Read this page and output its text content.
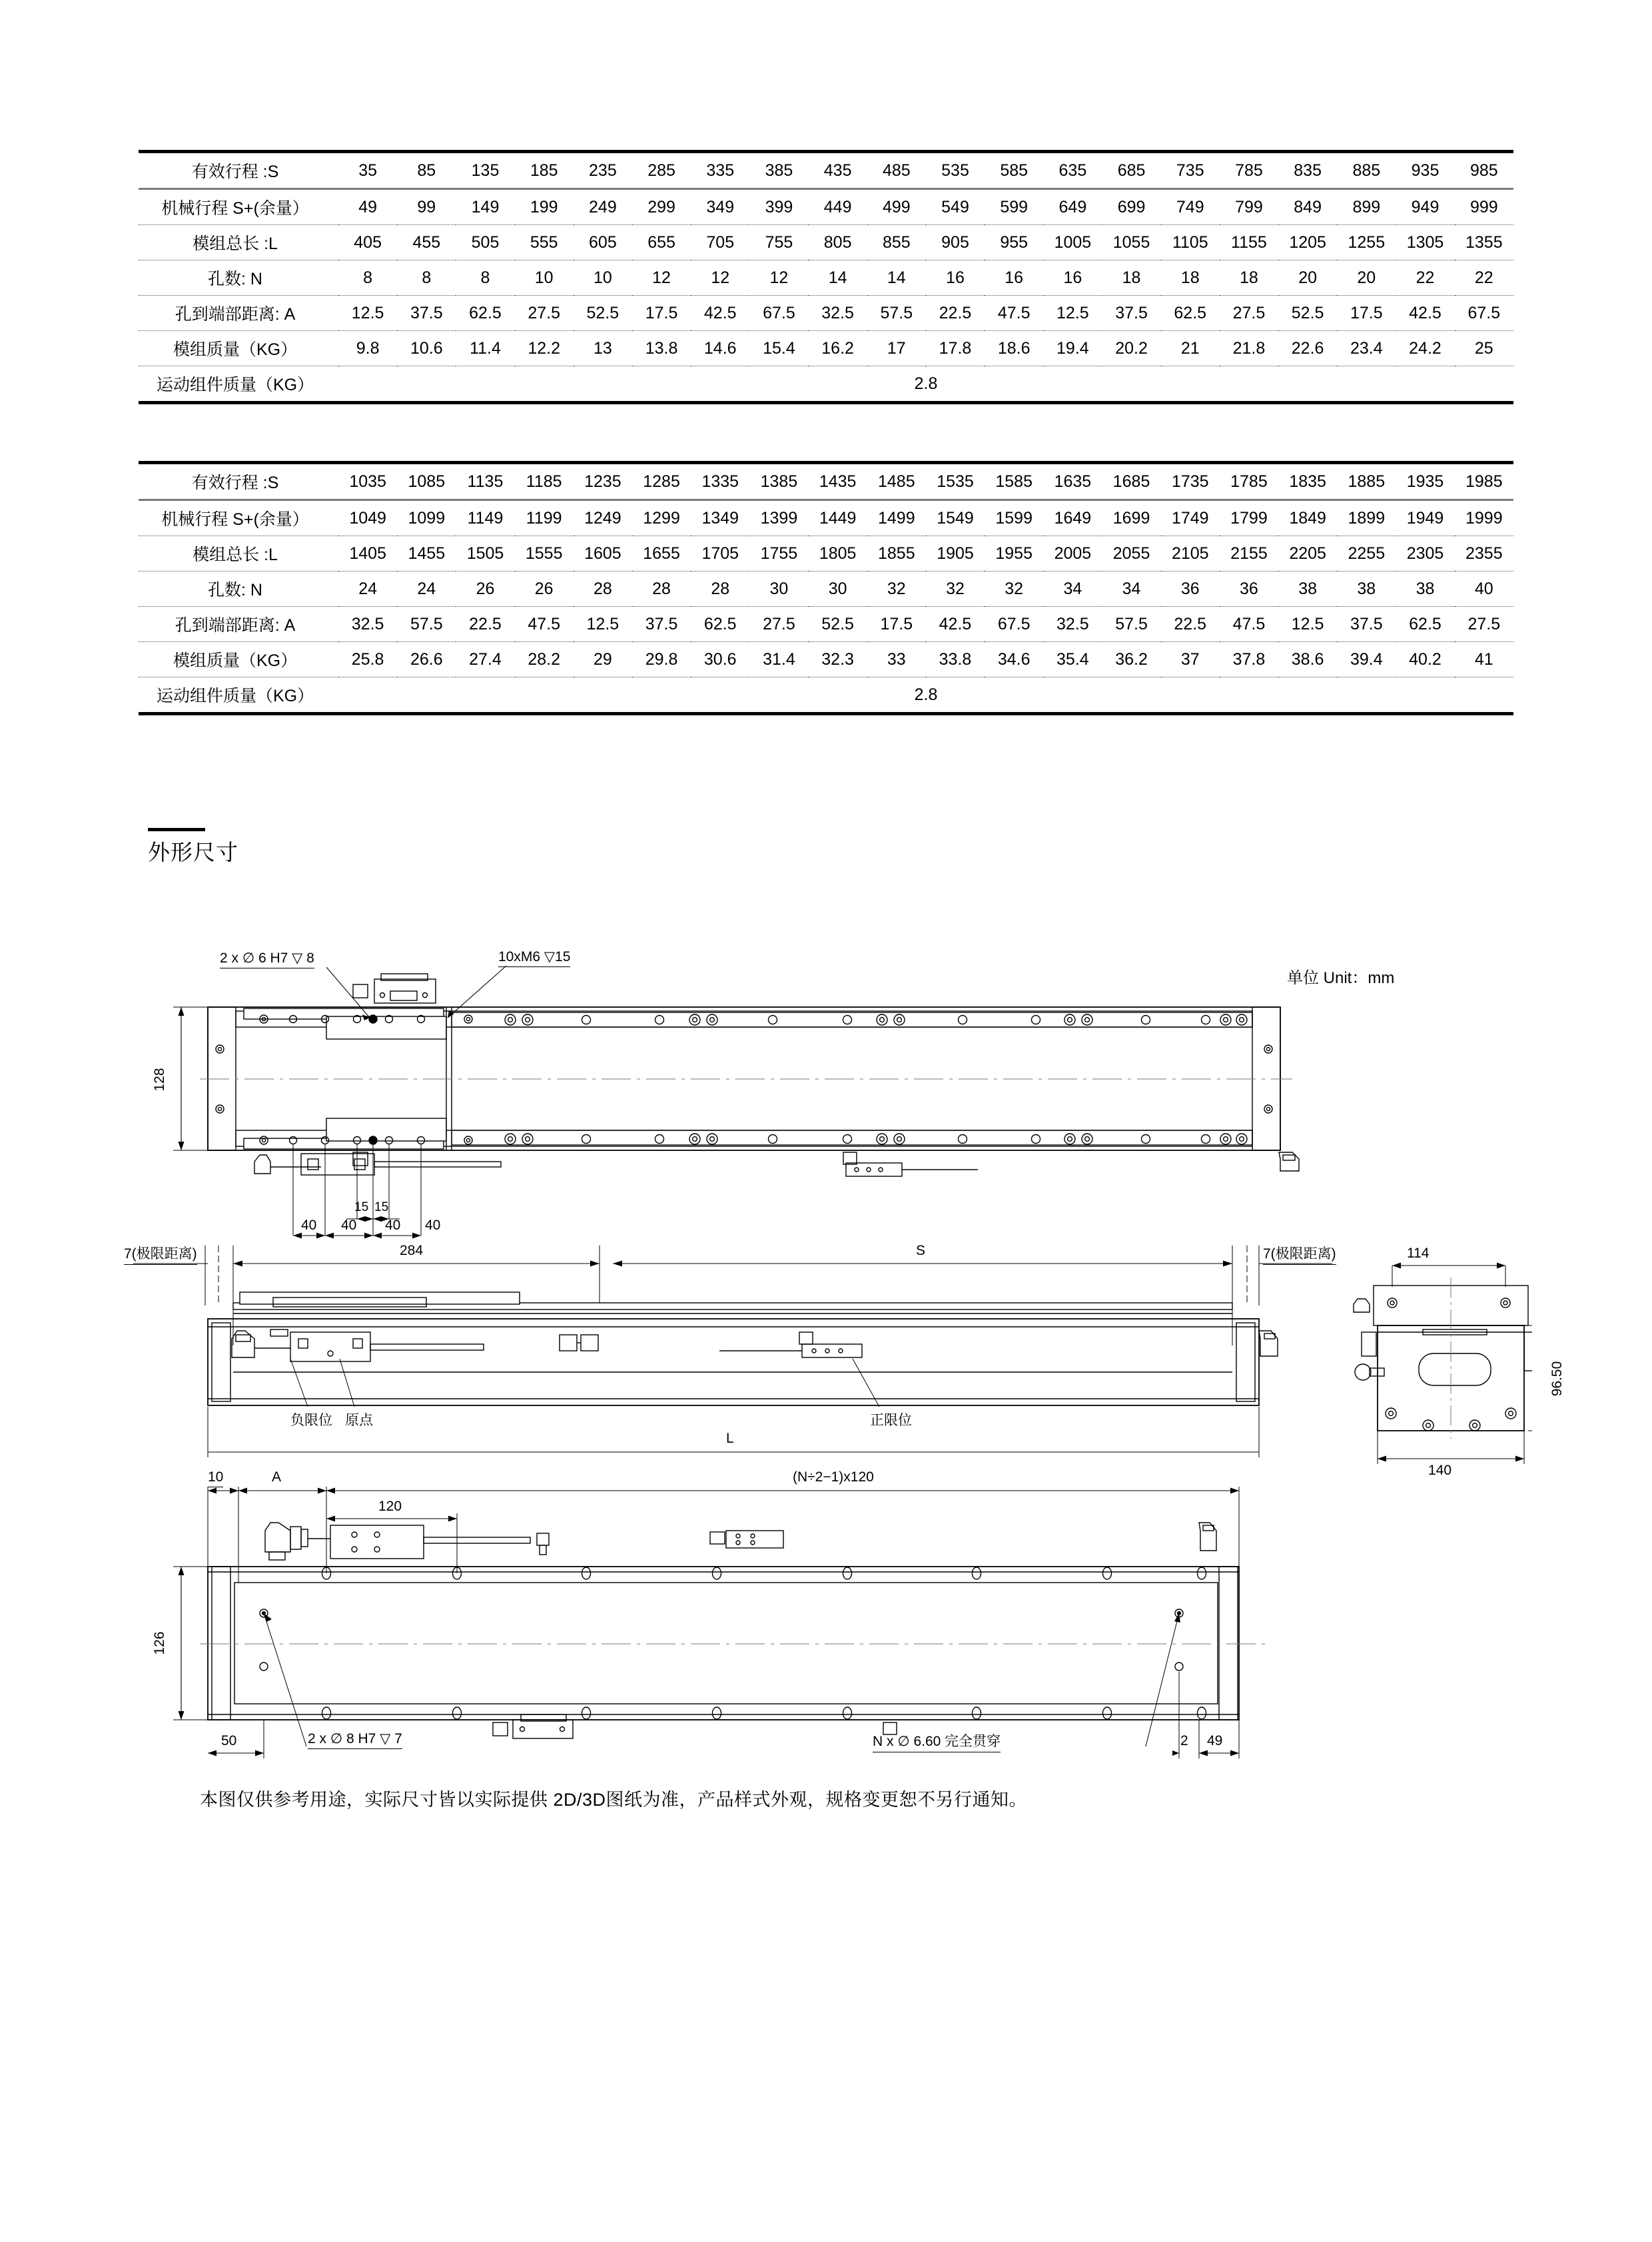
有效行程 :S	35	85	135	185	235	285	335	385	435	485	535	585	635	685	735	785	835	885	935	985
机械行程 S+(余量）	49	99	149	199	249	299	349	399	449	499	549	599	649	699	749	799	849	899	949	999
模组总长 :L	405	455	505	555	605	655	705	755	805	855	905	955	1005	1055	1105	1155	1205	1255	1305	1355
孔数: N	8	8	8	10	10	12	12	12	14	14	16	16	16	18	18	18	20	20	22	22
孔到端部距离: A	12.5	37.5	62.5	27.5	52.5	17.5	42.5	67.5	32.5	57.5	22.5	47.5	12.5	37.5	62.5	27.5	52.5	17.5	42.5	67.5
模组质量（KG）	9.8	10.6	11.4	12.2	13	13.8	14.6	15.4	16.2	17	17.8	18.6	19.4	20.2	21	21.8	22.6	23.4	24.2	25
运动组件质量（KG）	2.8																			
有效行程 :S	1035	1085	1135	1185	1235	1285	1335	1385	1435	1485	1535	1585	1635	1685	1735	1785	1835	1885	1935	1985
机械行程 S+(余量）	1049	1099	1149	1199	1249	1299	1349	1399	1449	1499	1549	1599	1649	1699	1749	1799	1849	1899	1949	1999
模组总长 :L	1405	1455	1505	1555	1605	1655	1705	1755	1805	1855	1905	1955	2005	2055	2105	2155	2205	2255	2305	2355
孔数: N	24	24	26	26	28	28	28	30	30	32	32	32	34	34	36	36	38	38	38	40
孔到端部距离: A	32.5	57.5	22.5	47.5	12.5	37.5	62.5	27.5	52.5	17.5	42.5	67.5	32.5	57.5	22.5	47.5	12.5	37.5	62.5	27.5
模组质量（KG）	25.8	26.6	27.4	28.2	29	29.8	30.6	31.4	32.3	33	33.8	34.6	35.4	36.2	37	37.8	38.6	39.4	40.2	41
运动组件质量（KG）	2.8																			
外形尺寸
单位 Unit：mm
2 x ∅ 6 H7 ▽ 8	10xM6 ▽15
128
15 15
40 40 40 40
7(极限距离)	7(极限距离)
284	S
L
负限位 原点	正限位
114
140
96.50
10	A
120
(N÷2−1)x120
126
50	2 49
2 x ∅ 8 H7 ▽ 7	N x ∅ 6.60 完全贯穿
本图仅供参考用途，实际尺寸皆以实际提供 2D/3D图纸为准，产品样式外观，规格变更恕不另行通知。
